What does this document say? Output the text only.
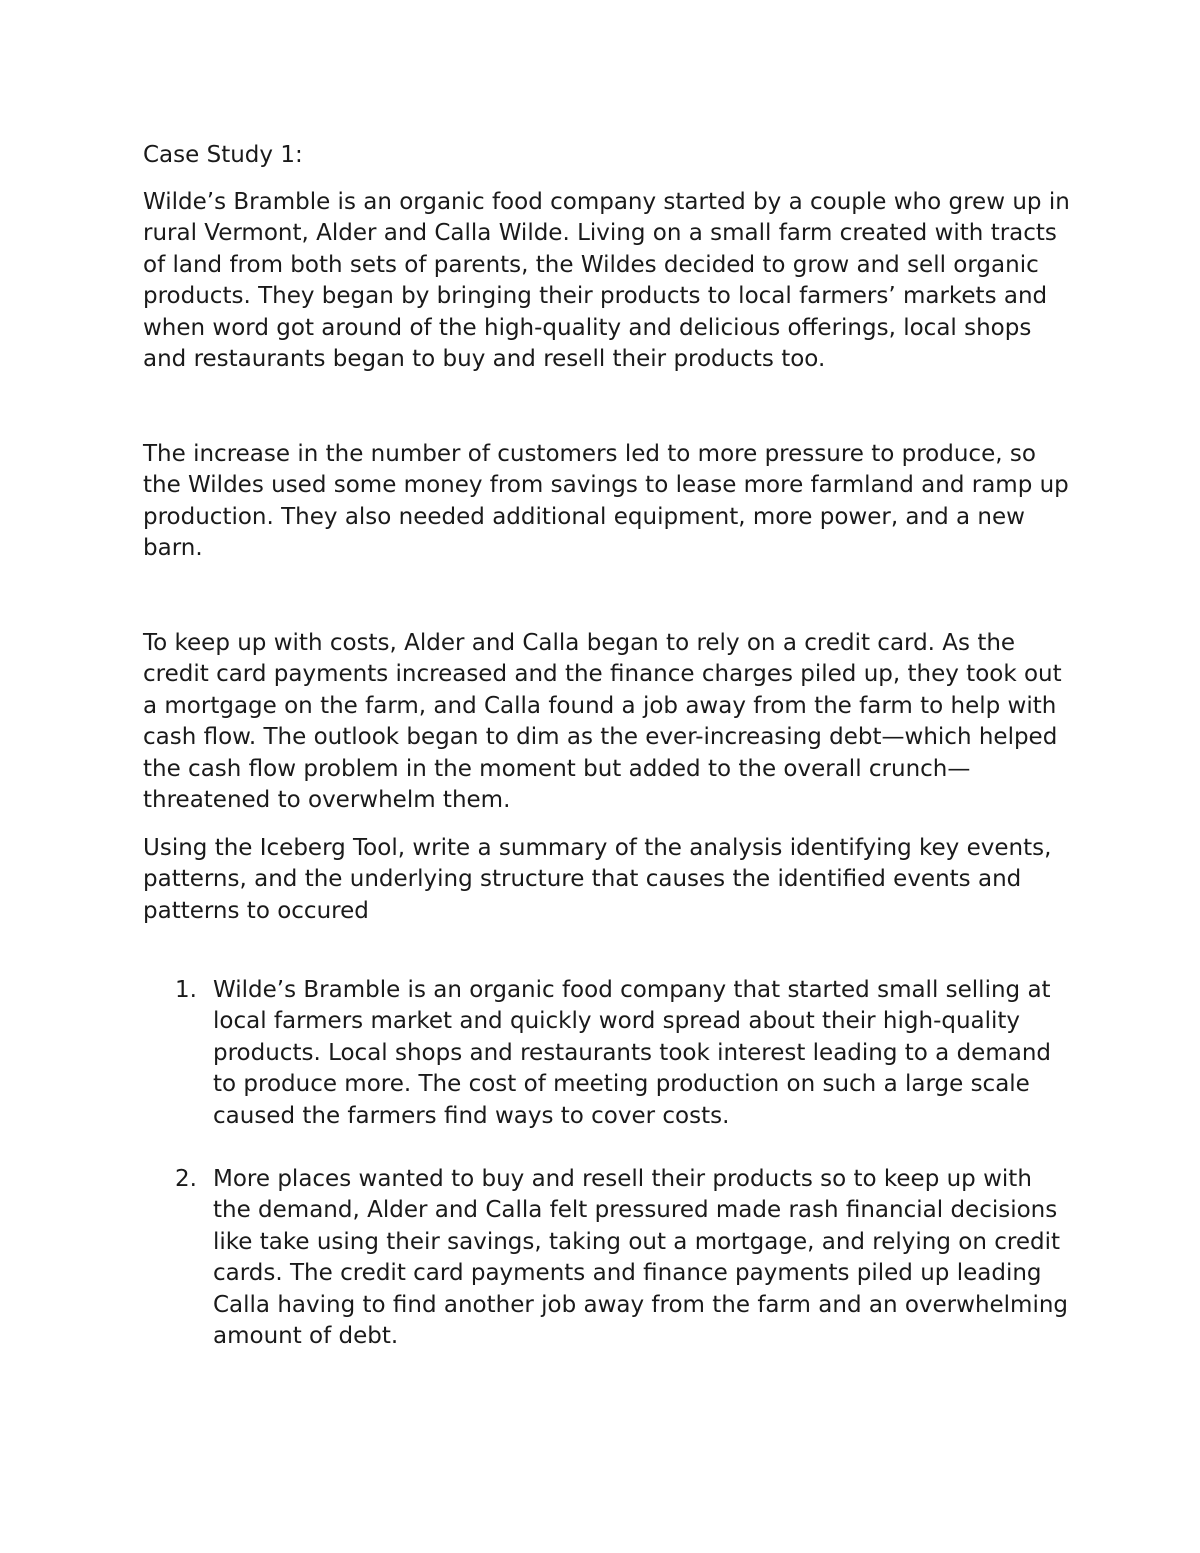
Case Study 1:

Wilde’s Bramble is an organic food company started by a couple who grew up in rural Vermont, Alder and Calla Wilde. Living on a small farm created with tracts of land from both sets of parents, the Wildes decided to grow and sell organic products. They began by bringing their products to local farmers’ markets and when word got around of the high-quality and delicious offerings, local shops and restaurants began to buy and resell their products too.

The increase in the number of customers led to more pressure to produce, so the Wildes used some money from savings to lease more farmland and ramp up production. They also needed additional equipment, more power, and a new barn.

To keep up with costs, Alder and Calla began to rely on a credit card. As the credit card payments increased and the finance charges piled up, they took out a mortgage on the farm, and Calla found a job away from the farm to help with cash flow. The outlook began to dim as the ever-increasing debt—which helped the cash flow problem in the moment but added to the overall crunch—threatened to overwhelm them.

Using the Iceberg Tool, write a summary of the analysis identifying key events, patterns, and the underlying structure that causes the identified events and patterns to occured

1. Wilde’s Bramble is an organic food company that started small selling at local farmers market and quickly word spread about their high-quality products. Local shops and restaurants took interest leading to a demand to produce more. The cost of meeting production on such a large scale caused the farmers find ways to cover costs.
2. More places wanted to buy and resell their products so to keep up with the demand, Alder and Calla felt pressured made rash financial decisions like take using their savings, taking out a mortgage, and relying on credit cards. The credit card payments and finance payments piled up leading Calla having to find another job away from the farm and an overwhelming amount of debt.
